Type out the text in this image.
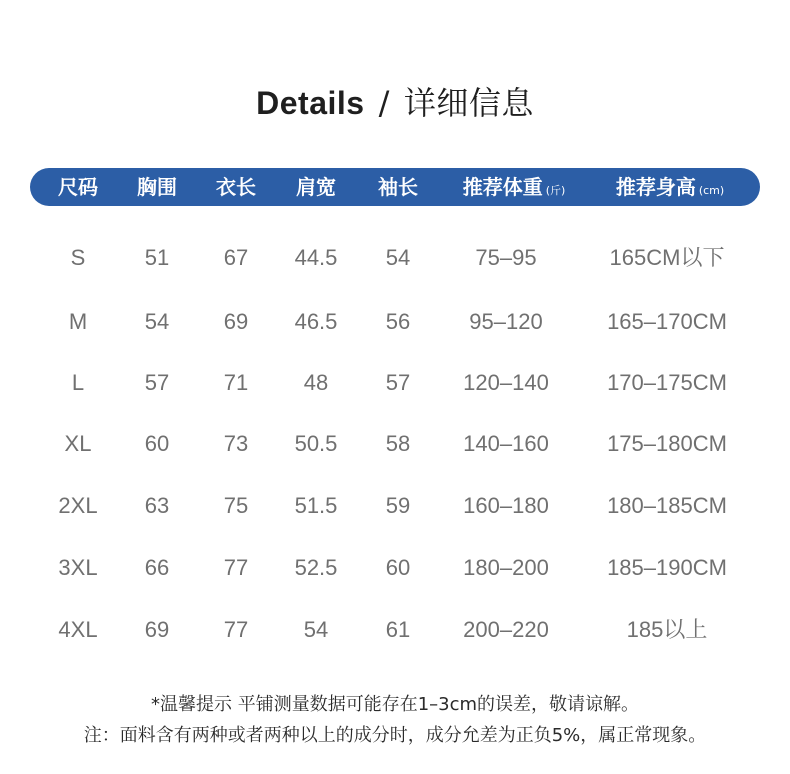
Details / 详细信息
尺码 胸围 衣长 肩宽 袖长 推荐体重 (斤)	推荐身高 (cm)
S	51 67 44.5 54	75–95	165CM以下
M	54 69 46.5 56	95–120	165–170CM
L	57 71	48	57 120–140	170–175CM
XL 60 73 50.5 58 140–160	175–180CM
2XL 63 75 51.5 59 160–180	180–185CM
3XL 66 77 52.5 60 180–200	185–190CM
4XL 69 77	54	61 200–220	185以上
*温馨提示 平铺测量数据可能存在1–3cm的误差，敬请谅解。
注：面料含有两种或者两种以上的成分时，成分允差为正负5%，属正常现象。
